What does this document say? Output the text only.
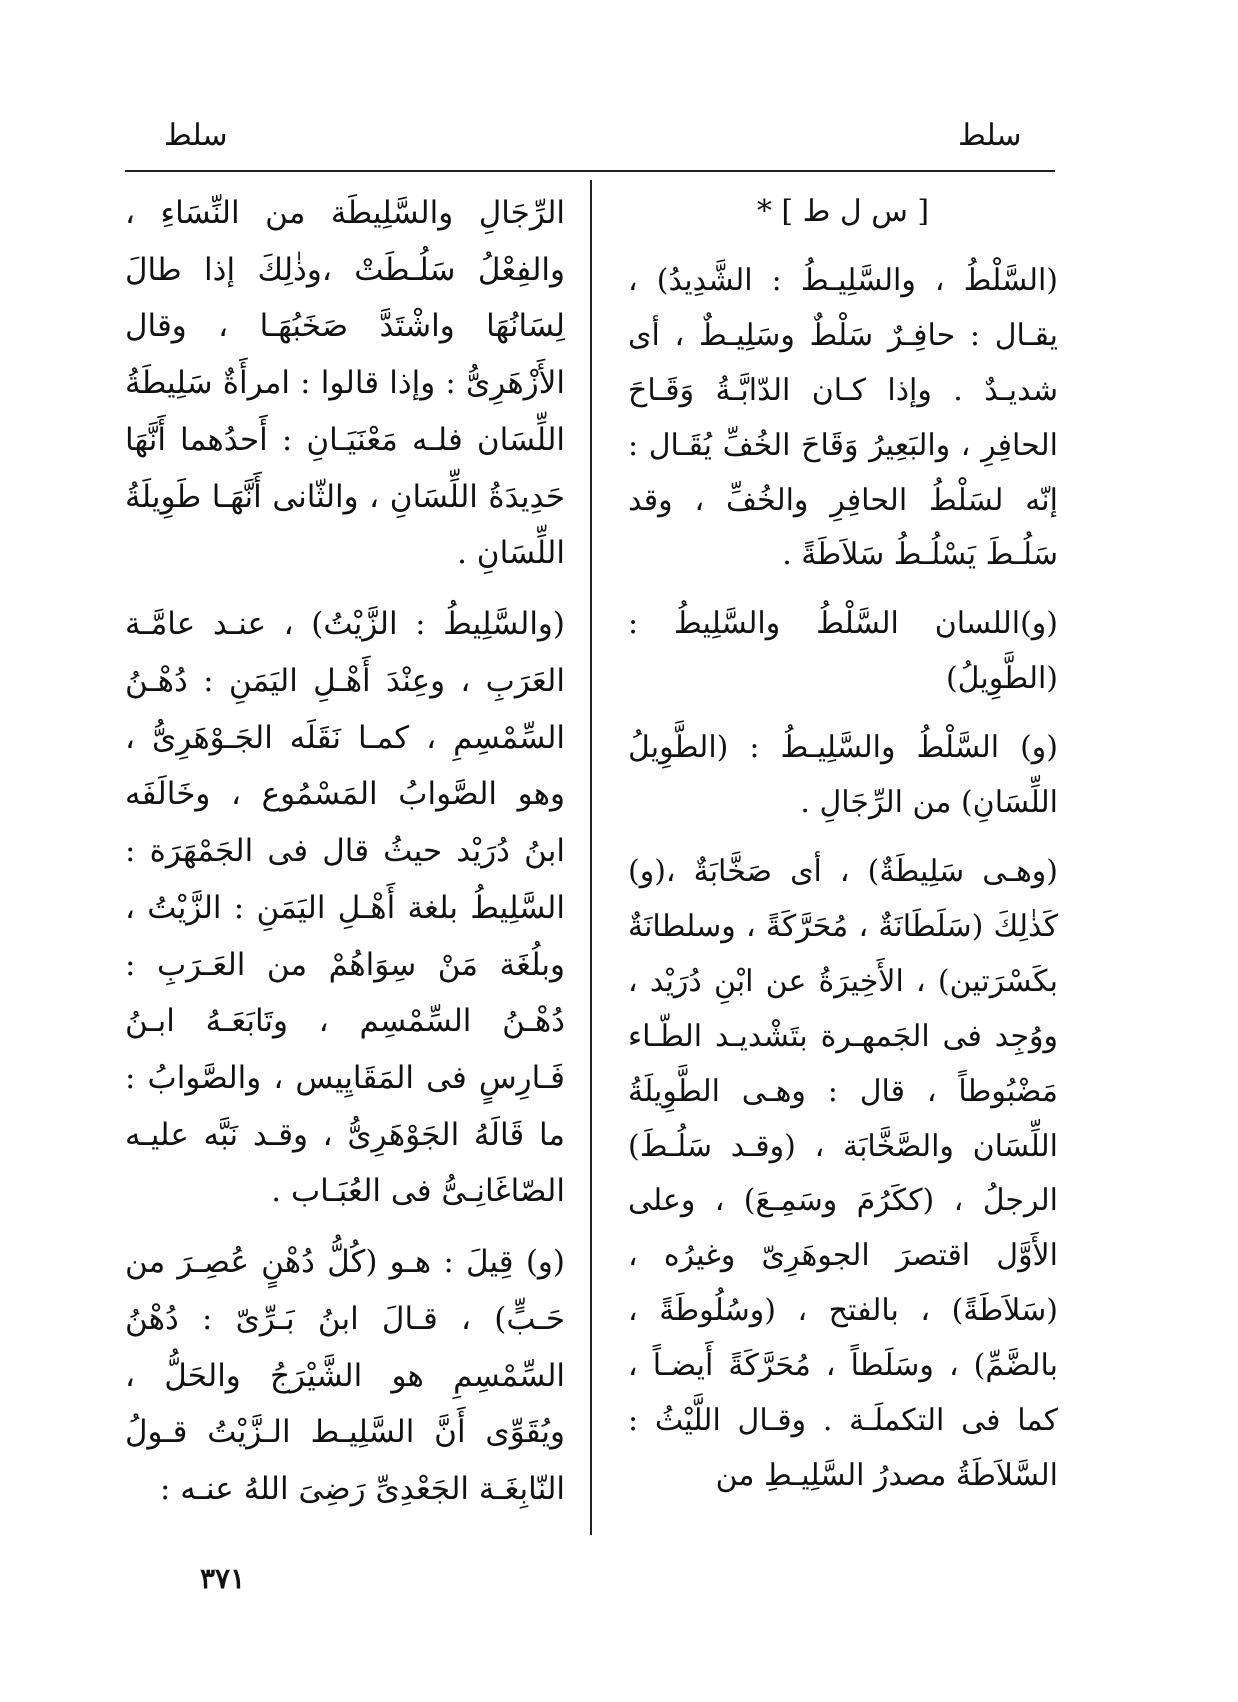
سلط
سلط

[ س ل ط ] *

(السَّلْطُ ، والسَّلِيـطُ : الشَّدِيدُ) ، يقـال : حافِـرٌ سَلْطٌ وسَلِيـطٌ ، أى شديـدٌ . وإذا كـان الدّابَّـةُ وَقَـاحَ الحافِرِ ، والبَعِيرُ وَقَاحَ الخُفِّ يُقَـال : إنّه لسَلْطُ الحافِرِ والخُفِّ ، وقد سَلُـطَ يَسْلُـطُ سَلاَطَةً .

(و)اللسان السَّلْطُ والسَّلِيطُ : (الطَّوِيلُ)

(و) السَّلْطُ والسَّلِيـطُ : (الطَّوِيلُ اللِّسَانِ) من الرِّجَالِ .

(وهـى سَلِيطَةٌ) ، أى صَخَّابَةٌ ،(و) كَذٰلِكَ (سَلَطَانَةٌ ، مُحَرَّكَةً ، وسلطانَةٌ بكَسْرَتين) ، الأَخِيرَةُ عن ابْنِ دُرَيْد ، ووُجِد فى الجَمهـرة بتَشْديـد الطّـاء مَضْبُوطاً ، قال : وهـى الطَّوِيلَةُ اللِّسَان والصَّخَّابَة ، (وقـد سَلُـطَ) الرجلُ ، (ككَرُمَ وسَمِـعَ) ، وعلى الأَوَّل اقتصرَ الجوهَرِىّ وغيرُه ، (سَلاَطَةً) ، بالفتح ، (وسُلُوطَةً ، بالضَّمِّ) ، وسَلَطاً ، مُحَرَّكَةً أَيضـاً ، كما فى التكملَـة . وقـال اللَّيْثُ : السَّلاَطَةُ مصدرُ السَّلِيـطِ من

الرِّجَالِ والسَّلِيطَة من النِّسَاءِ ، والفِعْلُ سَلُـطَتْ ،وذٰلِكَ إذا طالَ لِسَانُهَا واشْتَدَّ صَخَبُهَـا ، وقال الأَزْهَرِىُّ : وإذا قالوا : امرأَةٌ سَلِيطَةُ اللِّسَان فلـه مَعْنَيَـانِ : أَحدُهما أَنَّهَا حَدِيدَةُ اللِّسَانِ ، والثّانى أَنَّهَـا طَوِيلَةُ اللِّسَانِ .

(والسَّلِيطُ : الزَّيْتُ) ، عنـد عامَّـة العَرَبِ ، وعِنْدَ أَهْـلِ اليَمَنِ : دُهْـنُ السِّمْسِمِ ، كمـا نَقَلَه الجَـوْهَرِىُّ ، وهو الصَّوابُ المَسْمُوع ، وخَالَفَه ابنُ دُرَيْد حيثُ قال فى الجَمْهَرَة : السَّلِيطُ بلغة أَهْـلِ اليَمَنِ : الزَّيْتُ ، وبلُغَة مَنْ سِوَاهُمْ من العَـرَبِ : دُهْـنُ السِّمْسِم ، وتَابَعَـهُ ابـنُ فَـارِسٍ فى المَقَايِيس ، والصَّوابُ : ما قَالَهُ الجَوْهَرِىُّ ، وقـد نَبَّه عليـه الصّاغَانِـىُّ فى العُبَـاب .

(و) قِيلَ : هـو (كُلُّ دُهْنٍ عُصِـرَ من حَـبٍّ) ، قـالَ ابنُ بَـرِّىّ : دُهْنُ السِّمْسِمِ هو الشَّيْرَجُ والحَلُّ ، ويُقَوِّى أَنَّ السَّلِيـط الـزَّيْتُ قـولُ النّابِغَـة الجَعْدِىِّ رَضِىَ اللهُ عنـه :

٣٧١
